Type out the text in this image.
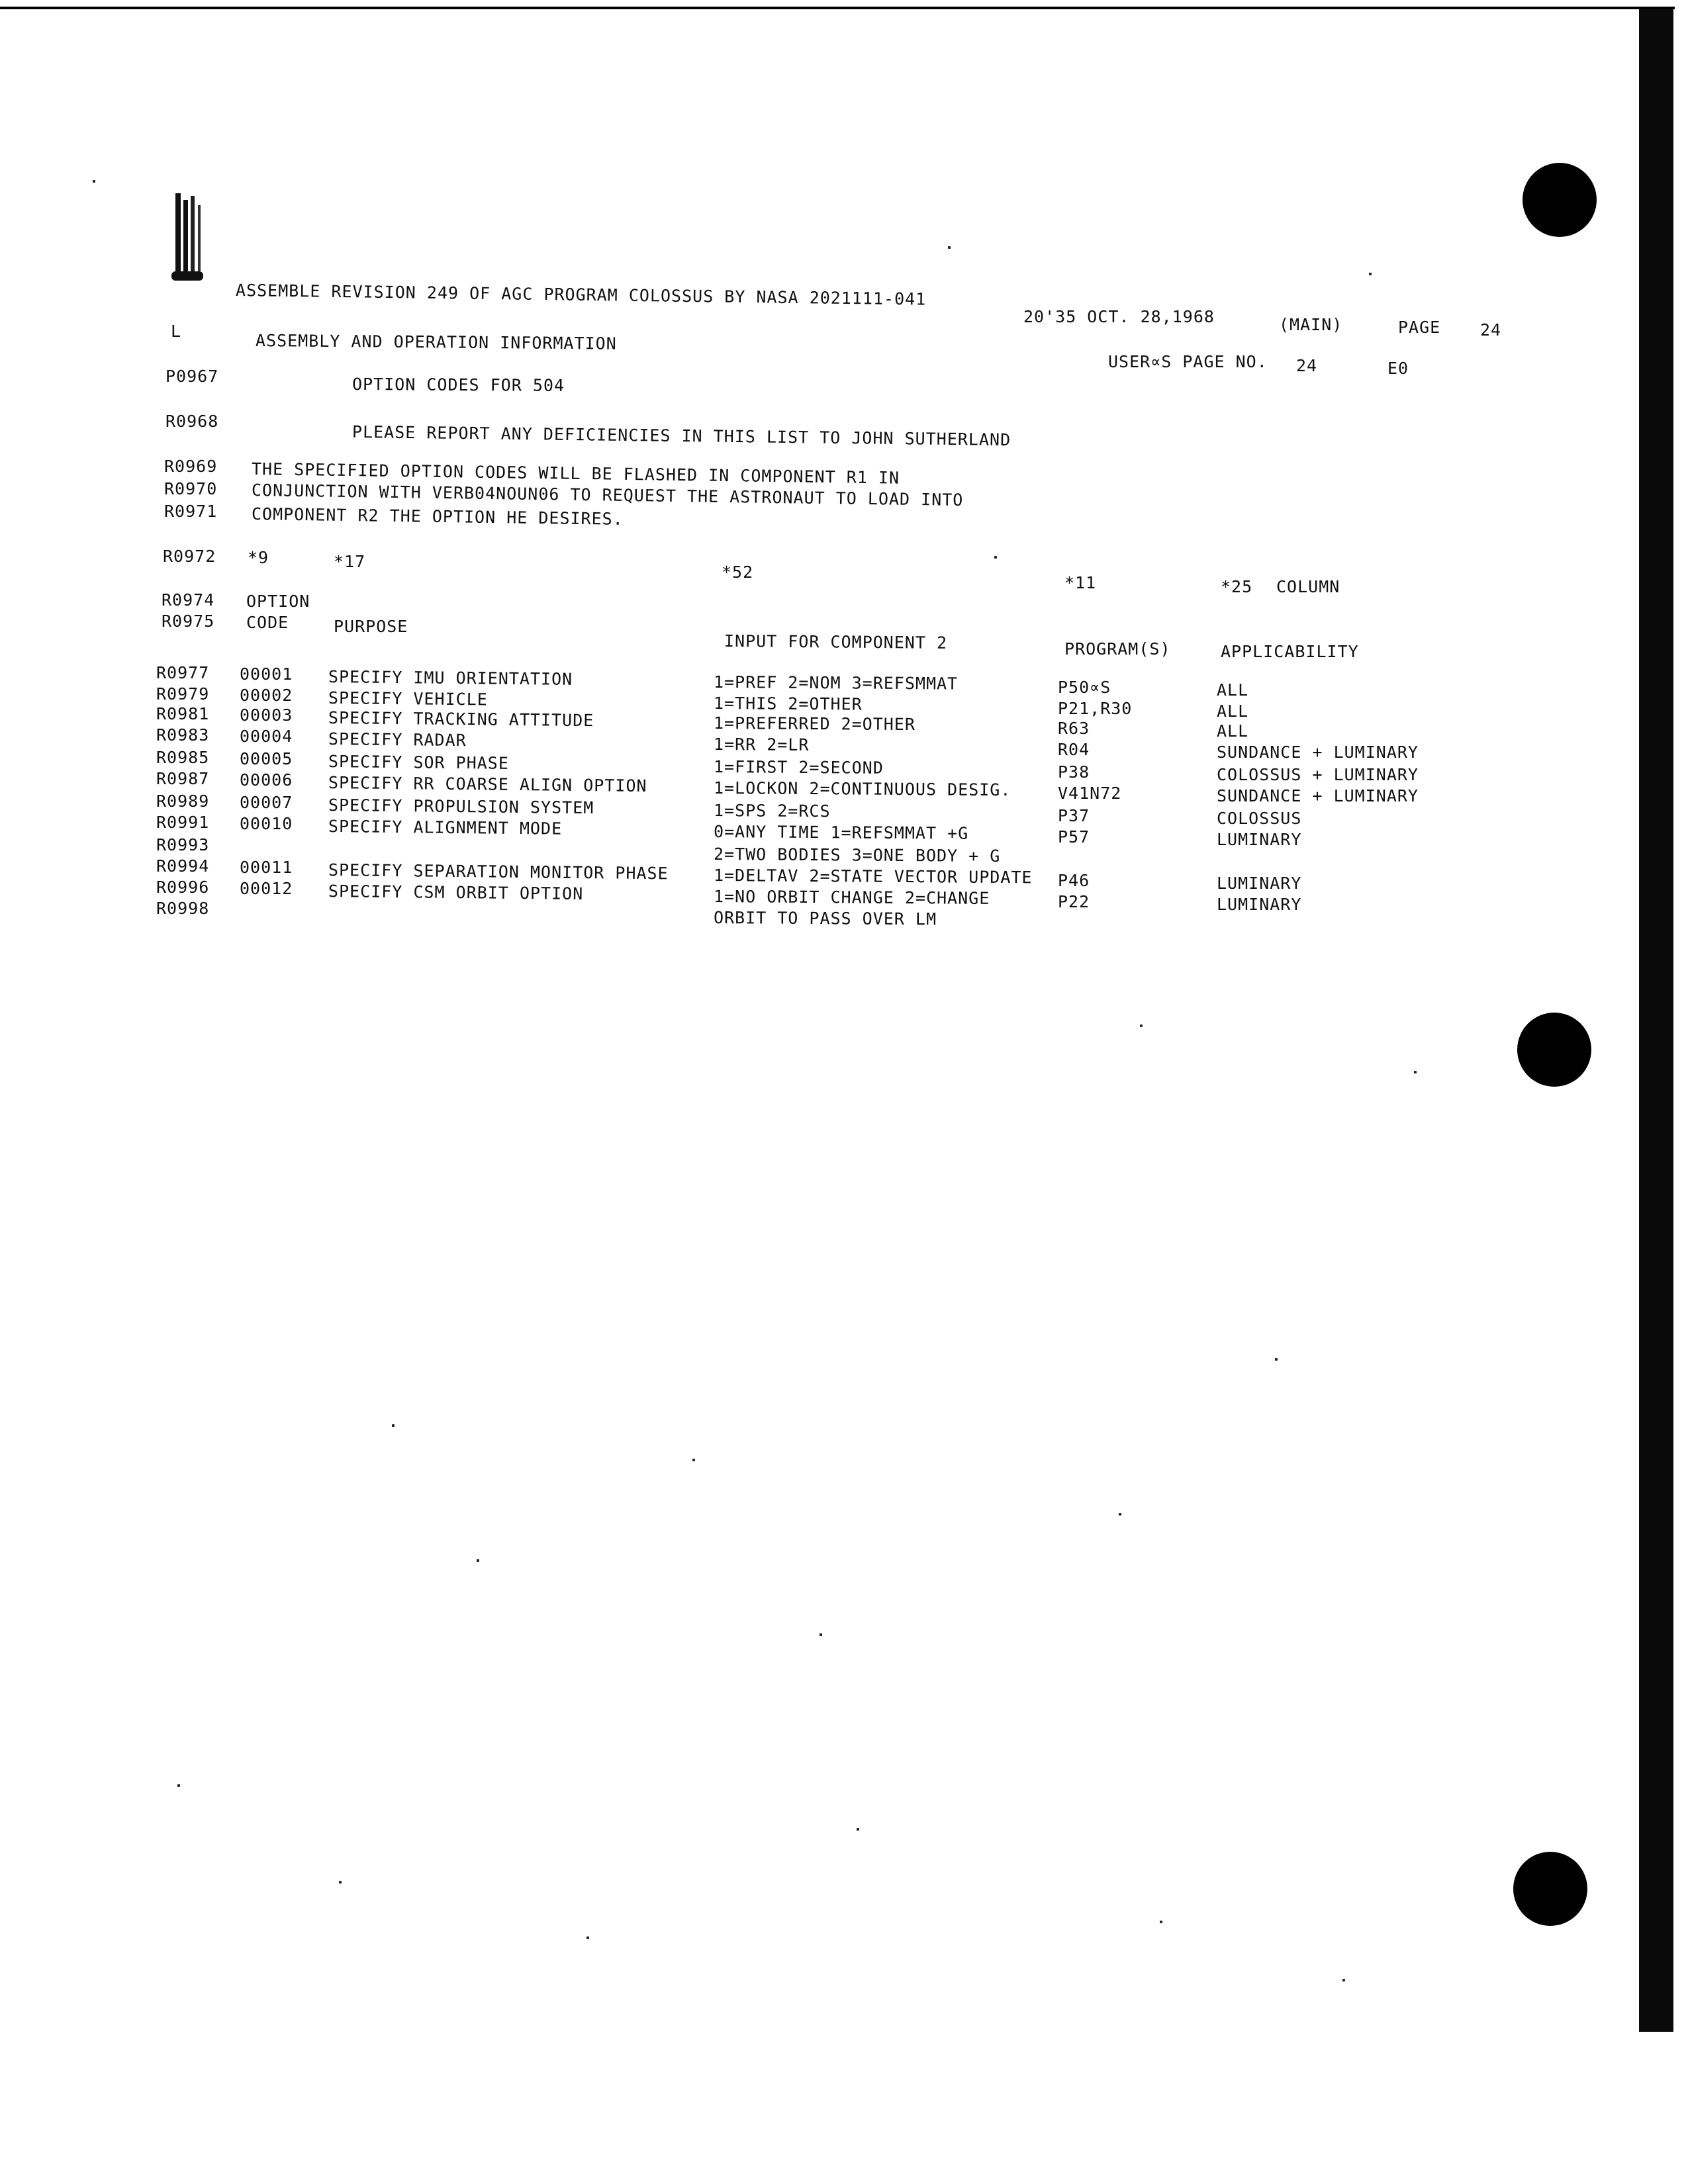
ASSEMBLE REVISION 249 OF AGC PROGRAM COLOSSUS BY NASA 2021111-041
20'35 OCT. 28,1968	(MAIN)	PAGE 24
L	ASSEMBLY AND OPERATION INFORMATION
USER∝S PAGE NO. 24	E0
P0967	OPTION CODES FOR 504
R0968
PLEASE REPORT ANY DEFICIENCIES IN THIS LIST TO JOHN SUTHERLAND
R0969 THE SPECIFIED OPTION CODES WILL BE FLASHED IN COMPONENT R1 IN
R0970 CONJUNCTION WITH VERB04NOUN06 TO REQUEST THE ASTRONAUT TO LOAD INTO
R0971 COMPONENT R2 THE OPTION HE DESIRES.
R0972 *9	*17
*52
*11	*25 COLUMN
R0974 OPTION
R0975 CODE	PURPOSE
INPUT FOR COMPONENT 2	PROGRAM(S)	APPLICABILITY
R0977 00001 SPECIFY IMU ORIENTATION	1=PREF 2=NOM 3=REFSMMAT	P50∝S	ALL
R0979 00002 SPECIFY VEHICLE	1=THIS 2=OTHER	P21,R30	ALL
R0981 00003 SPECIFY TRACKING ATTITUDE	1=PREFERRED 2=OTHER	R63	ALL
R0983 00004 SPECIFY RADAR	1=RR 2=LR	R04	SUNDANCE + LUMINARY
R0985 00005 SPECIFY SOR PHASE	1=FIRST 2=SECOND	P38	COLOSSUS + LUMINARY
R0987 00006 SPECIFY RR COARSE ALIGN OPTION	1=LOCKON 2=CONTINUOUS DESIG.	V41N72	SUNDANCE + LUMINARY
R0989 00007 SPECIFY PROPULSION SYSTEM	1=SPS 2=RCS	P37	COLOSSUS
R0991 00010 SPECIFY ALIGNMENT MODE	0=ANY TIME 1=REFSMMAT +G	P57	LUMINARY
R0993	2=TWO BODIES 3=ONE BODY + G
R0994 00011 SPECIFY SEPARATION MONITOR PHASE	1=DELTAV 2=STATE VECTOR UPDATE P46	LUMINARY
R0996 00012 SPECIFY CSM ORBIT OPTION	1=NO ORBIT CHANGE 2=CHANGE	P22	LUMINARY
R0998	ORBIT TO PASS OVER LM
